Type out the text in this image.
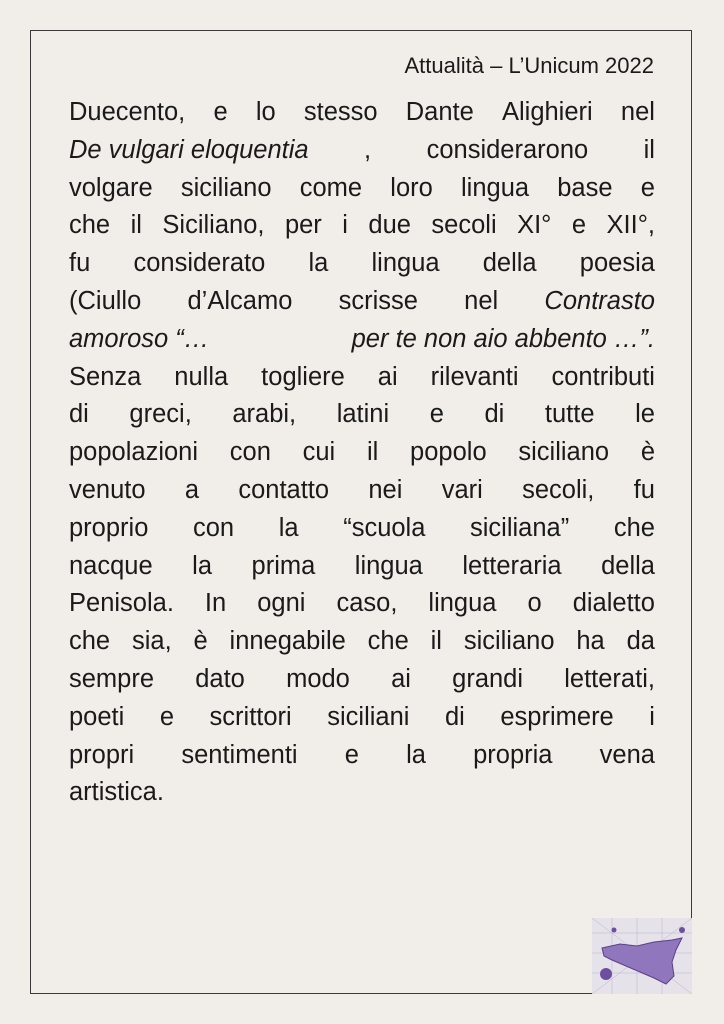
Attualità – L’Unicum 2022
Duecento, e lo stesso Dante Alighieri nel
De vulgari eloquentia , considerarono il
volgare siciliano come loro lingua base e
che il Siciliano, per i due secoli XI° e XII°,
fu considerato la lingua della poesia
(Ciullo d’Alcamo scrisse nel Contrasto
amoroso “…	per te non aio abbento …”.
Senza nulla togliere ai rilevanti contributi
di greci, arabi, latini e di tutte le
popolazioni con cui il popolo siciliano è
venuto a contatto nei vari secoli, fu
proprio con la “scuola siciliana” che
nacque la prima lingua letteraria della
Penisola. In ogni caso, lingua o dialetto
che sia, è innegabile che il siciliano ha da
sempre dato modo ai grandi letterati,
poeti e scrittori siciliani di esprimere i
propri sentimenti e la propria vena
artistica.
